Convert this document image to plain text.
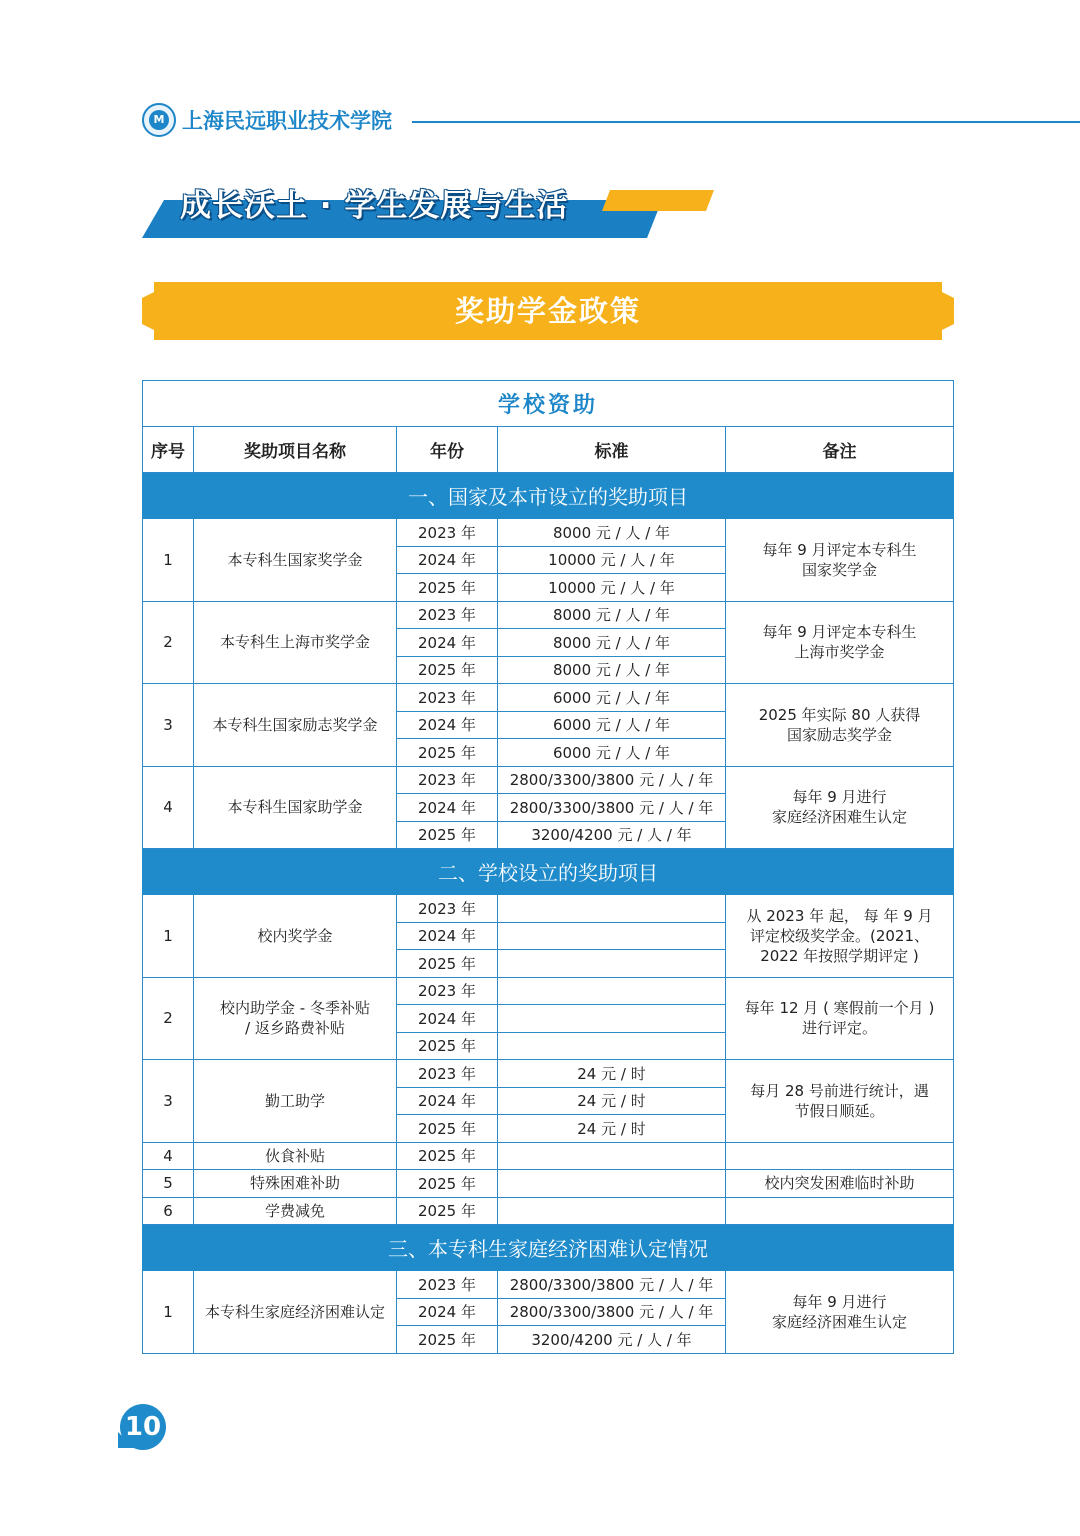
M 上海民远职业技术学院
成长沃土 · 学生发展与生活
奖助学金政策
学校资助				
序号	奖助项目名称	年份	标准	备注
一、国家及本市设立的奖助项目				
1	本专科生国家奖学金	2023 年	8000 元 / 人 / 年	每年 9 月评定本专科生
国家奖学金
		2024 年	10000 元 / 人 / 年	
		2025 年	10000 元 / 人 / 年	
2	本专科生上海市奖学金	2023 年	8000 元 / 人 / 年	每年 9 月评定本专科生
上海市奖学金
		2024 年	8000 元 / 人 / 年	
		2025 年	8000 元 / 人 / 年	
3	本专科生国家励志奖学金	2023 年	6000 元 / 人 / 年	2025 年实际 80 人获得
国家励志奖学金
		2024 年	6000 元 / 人 / 年	
		2025 年	6000 元 / 人 / 年	
4	本专科生国家助学金	2023 年	2800/3300/3800 元 / 人 / 年	每年 9 月进行
家庭经济困难生认定
		2024 年	2800/3300/3800 元 / 人 / 年	
		2025 年	3200/4200 元 / 人 / 年	
二、学校设立的奖助项目				
1	校内奖学金	2023 年		从 2023 年 起， 每 年 9 月
评定校级奖学金。(2021、
2022 年按照学期评定 )
		2024 年		
		2025 年		
2	校内助学金 - 冬季补贴
/ 返乡路费补贴	2023 年		每年 12 月 ( 寒假前一个月 )
进行评定。
		2024 年		
		2025 年		
3	勤工助学	2023 年	24 元 / 时	每月 28 号前进行统计，遇
节假日顺延。
		2024 年	24 元 / 时	
		2025 年	24 元 / 时	
4	伙食补贴	2025 年		
5	特殊困难补助	2025 年		校内突发困难临时补助
6	学费减免	2025 年		
三、本专科生家庭经济困难认定情况				
1	本专科生家庭经济困难认定	2023 年	2800/3300/3800 元 / 人 / 年	每年 9 月进行
家庭经济困难生认定
		2024 年	2800/3300/3800 元 / 人 / 年	
		2025 年	3200/4200 元 / 人 / 年	
10
